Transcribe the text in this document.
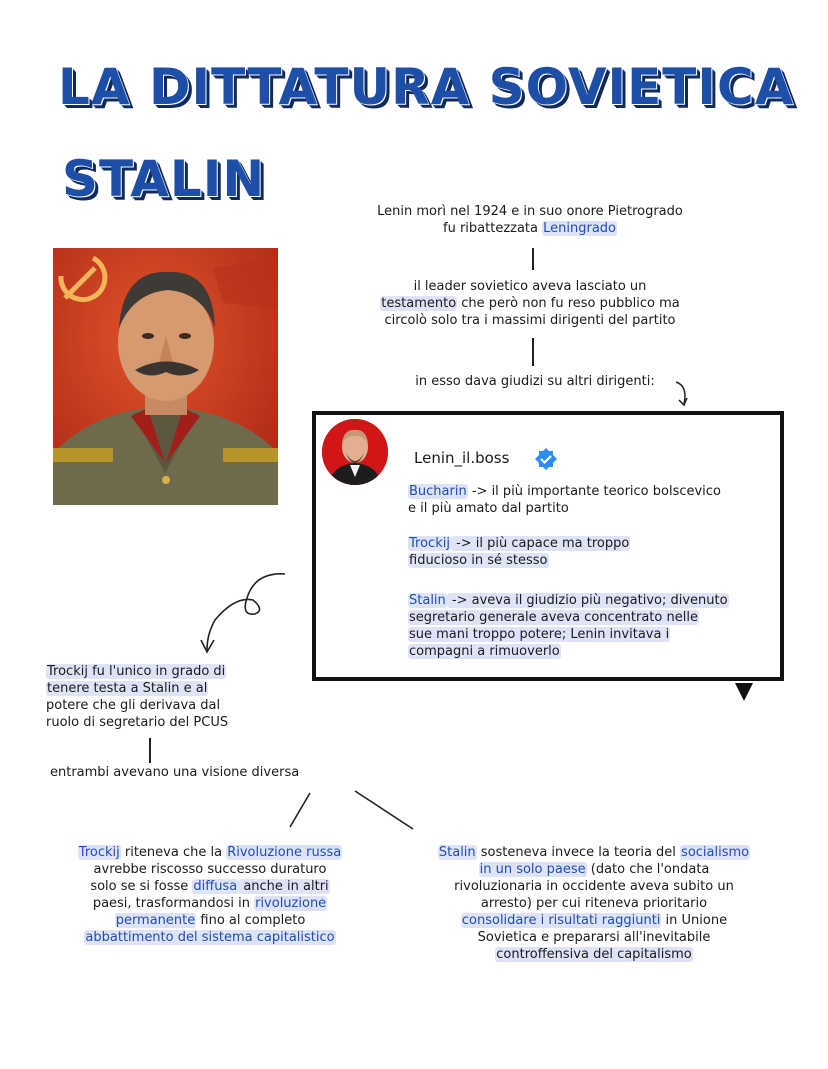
LA DITTATURA SOVIETICA
STALIN
Lenin morì nel 1924 e in suo onore Pietrogrado
fu ribattezzata Leningrado
il leader sovietico aveva lasciato un
testamento che però non fu reso pubblico ma
circolò solo tra i massimi dirigenti del partito
in esso dava giudizi su altri dirigenti:
Lenin_il.boss
Bucharin -> il più importante teorico bolscevico
e il più amato dal partito
Trockij -> il più capace ma troppo
fiducioso in sé stesso
Stalin -> aveva il giudizio più negativo; divenuto
segretario generale aveva concentrato nelle
sue mani troppo potere; Lenin invitava i
compagni a rimuoverlo
Trockij fu l'unico in grado di
tenere testa a Stalin e al
potere che gli derivava dal
ruolo di segretario del PCUS
entrambi avevano una visione diversa
Trockij riteneva che la Rivoluzione russa
avrebbe riscosso successo duraturo
solo se si fosse diffusa anche in altri
paesi, trasformandosi in rivoluzione
permanente fino al completo
abbattimento del sistema capitalistico
Stalin sosteneva invece la teoria del socialismo
in un solo paese (dato che l'ondata
rivoluzionaria in occidente aveva subito un
arresto) per cui riteneva prioritario
consolidare i risultati raggiunti in Unione
Sovietica e prepararsi all'inevitabile
controffensiva del capitalismo
